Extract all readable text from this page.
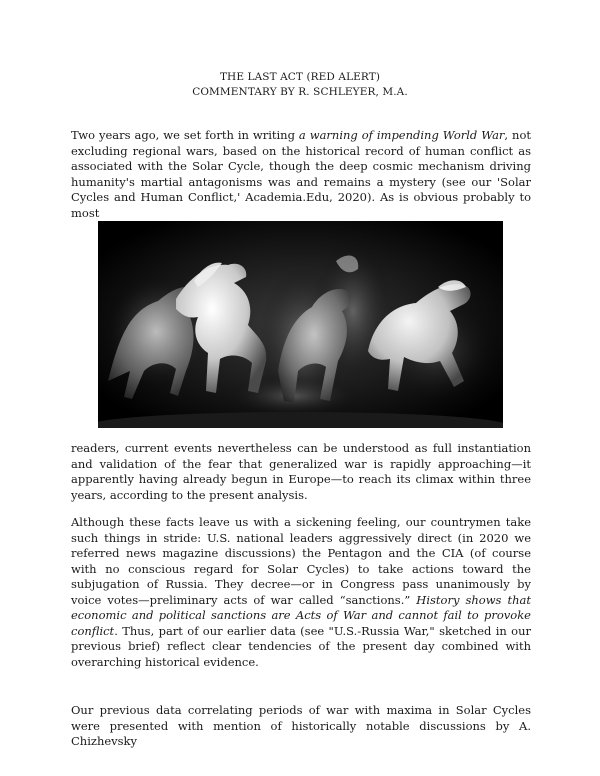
THE LAST ACT (RED ALERT)
COMMENTARY BY R. SCHLEYER, M.A.

Two years ago, we set forth in writing a warning of impending World War, not excluding regional wars, based on the historical record of human conflict as associated with the Solar Cycle, though the deep cosmic mechanism driving humanity's martial antagonisms was and remains a mystery (see our 'Solar Cycles and Human Conflict,' Academia.Edu, 2020). As is obvious probably to most

readers, current events nevertheless can be understood as full instantiation and validation of the fear that generalized war is rapidly approaching—it apparently having already begun in Europe—to reach its climax within three years, according to the present analysis.

Although these facts leave us with a sickening feeling, our countrymen take such things in stride: U.S. national leaders aggressively direct (in 2020 we referred news magazine discussions) the Pentagon and the CIA (of course with no conscious regard for Solar Cycles) to take actions toward the subjugation of Russia. They decree—or in Congress pass unanimously by voice votes—preliminary acts of war called “sanctions.” History shows that economic and political sanctions are Acts of War and cannot fail to provoke conflict. Thus, part of our earlier data (see "U.S.-Russia War," sketched in our previous brief) reflect clear tendencies of the present day combined with overarching historical evidence.

Our previous data correlating periods of war with maxima in Solar Cycles were presented with mention of historically notable discussions by A. Chizhevsky
